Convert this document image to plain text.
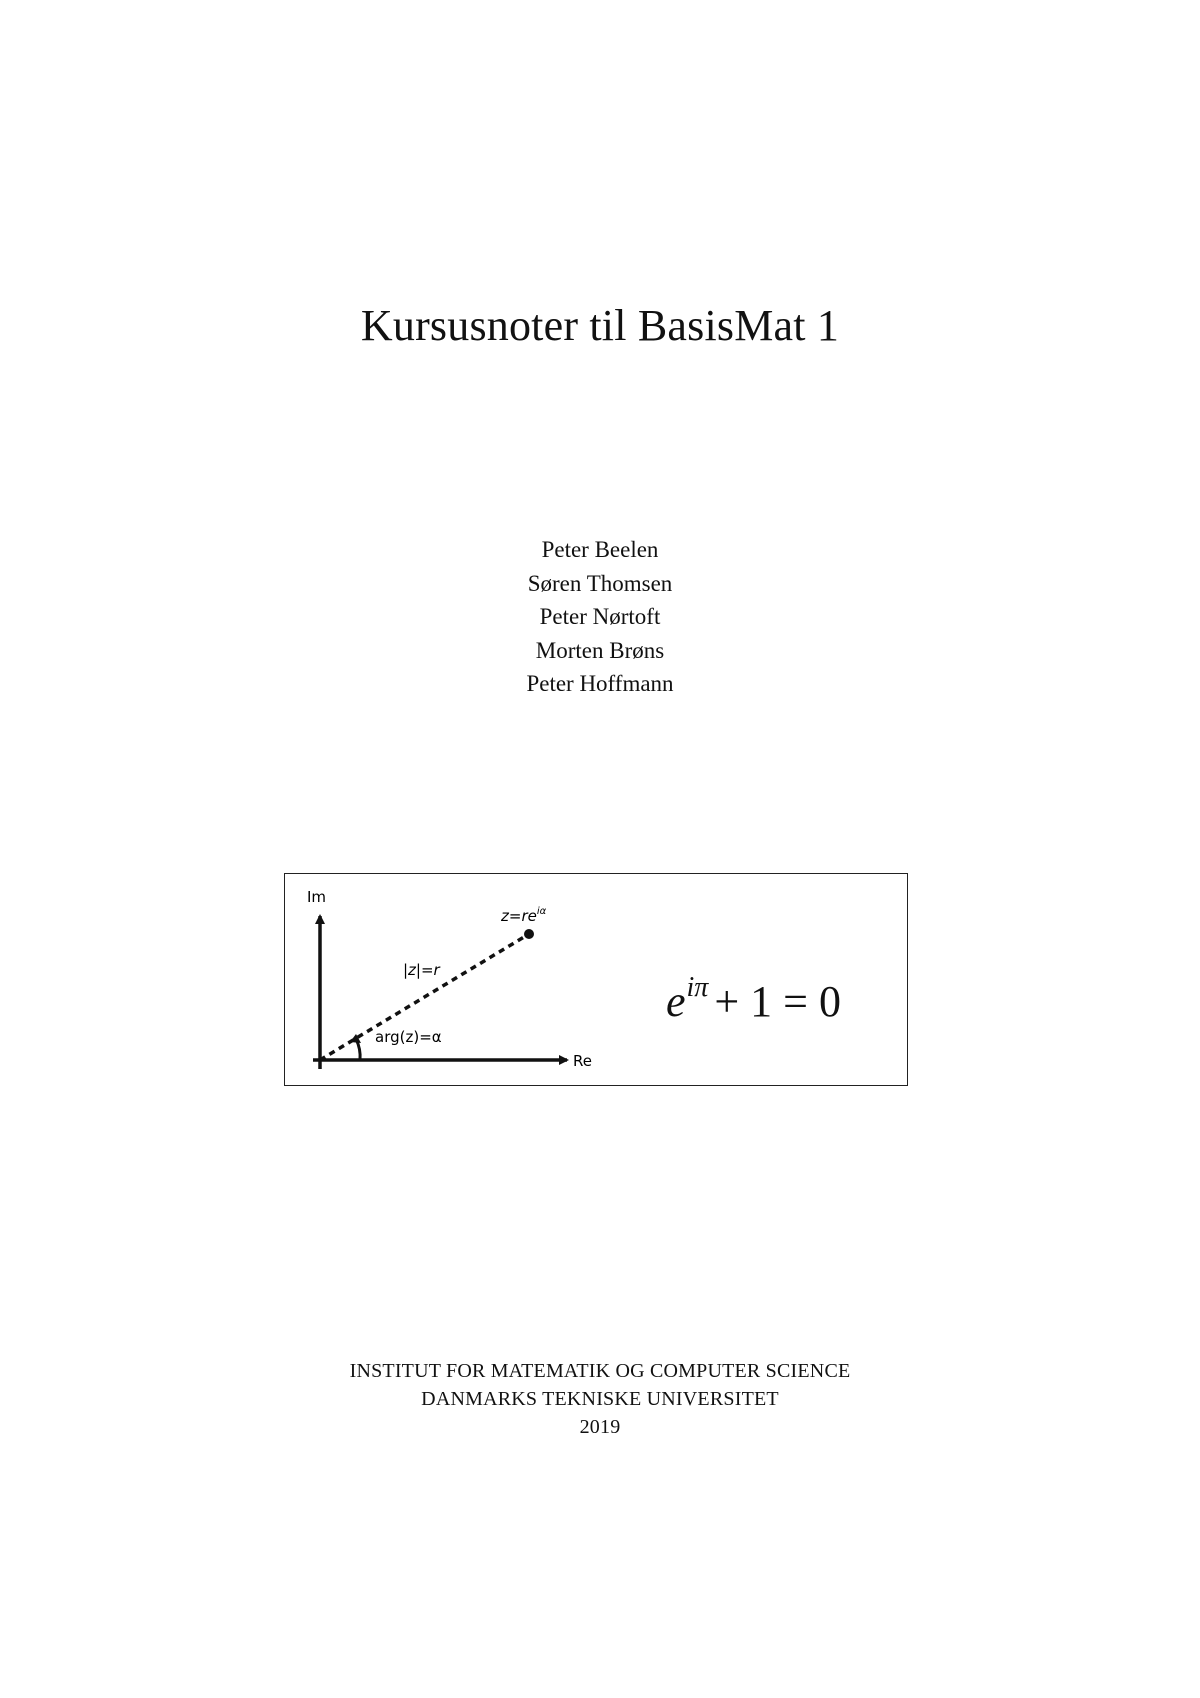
Kursusnoter til BasisMat 1
Peter Beelen
Søren Thomsen
Peter Nørtoft
Morten Brøns
Peter Hoffmann
Im
Re
|z|=r
arg(z)=α
$z=re^{i\alpha}$
$e^{i\pi} + 1 = 0$
INSTITUT FOR MATEMATIK OG COMPUTER SCIENCE
DANMARKS TEKNISKE UNIVERSITET
2019
